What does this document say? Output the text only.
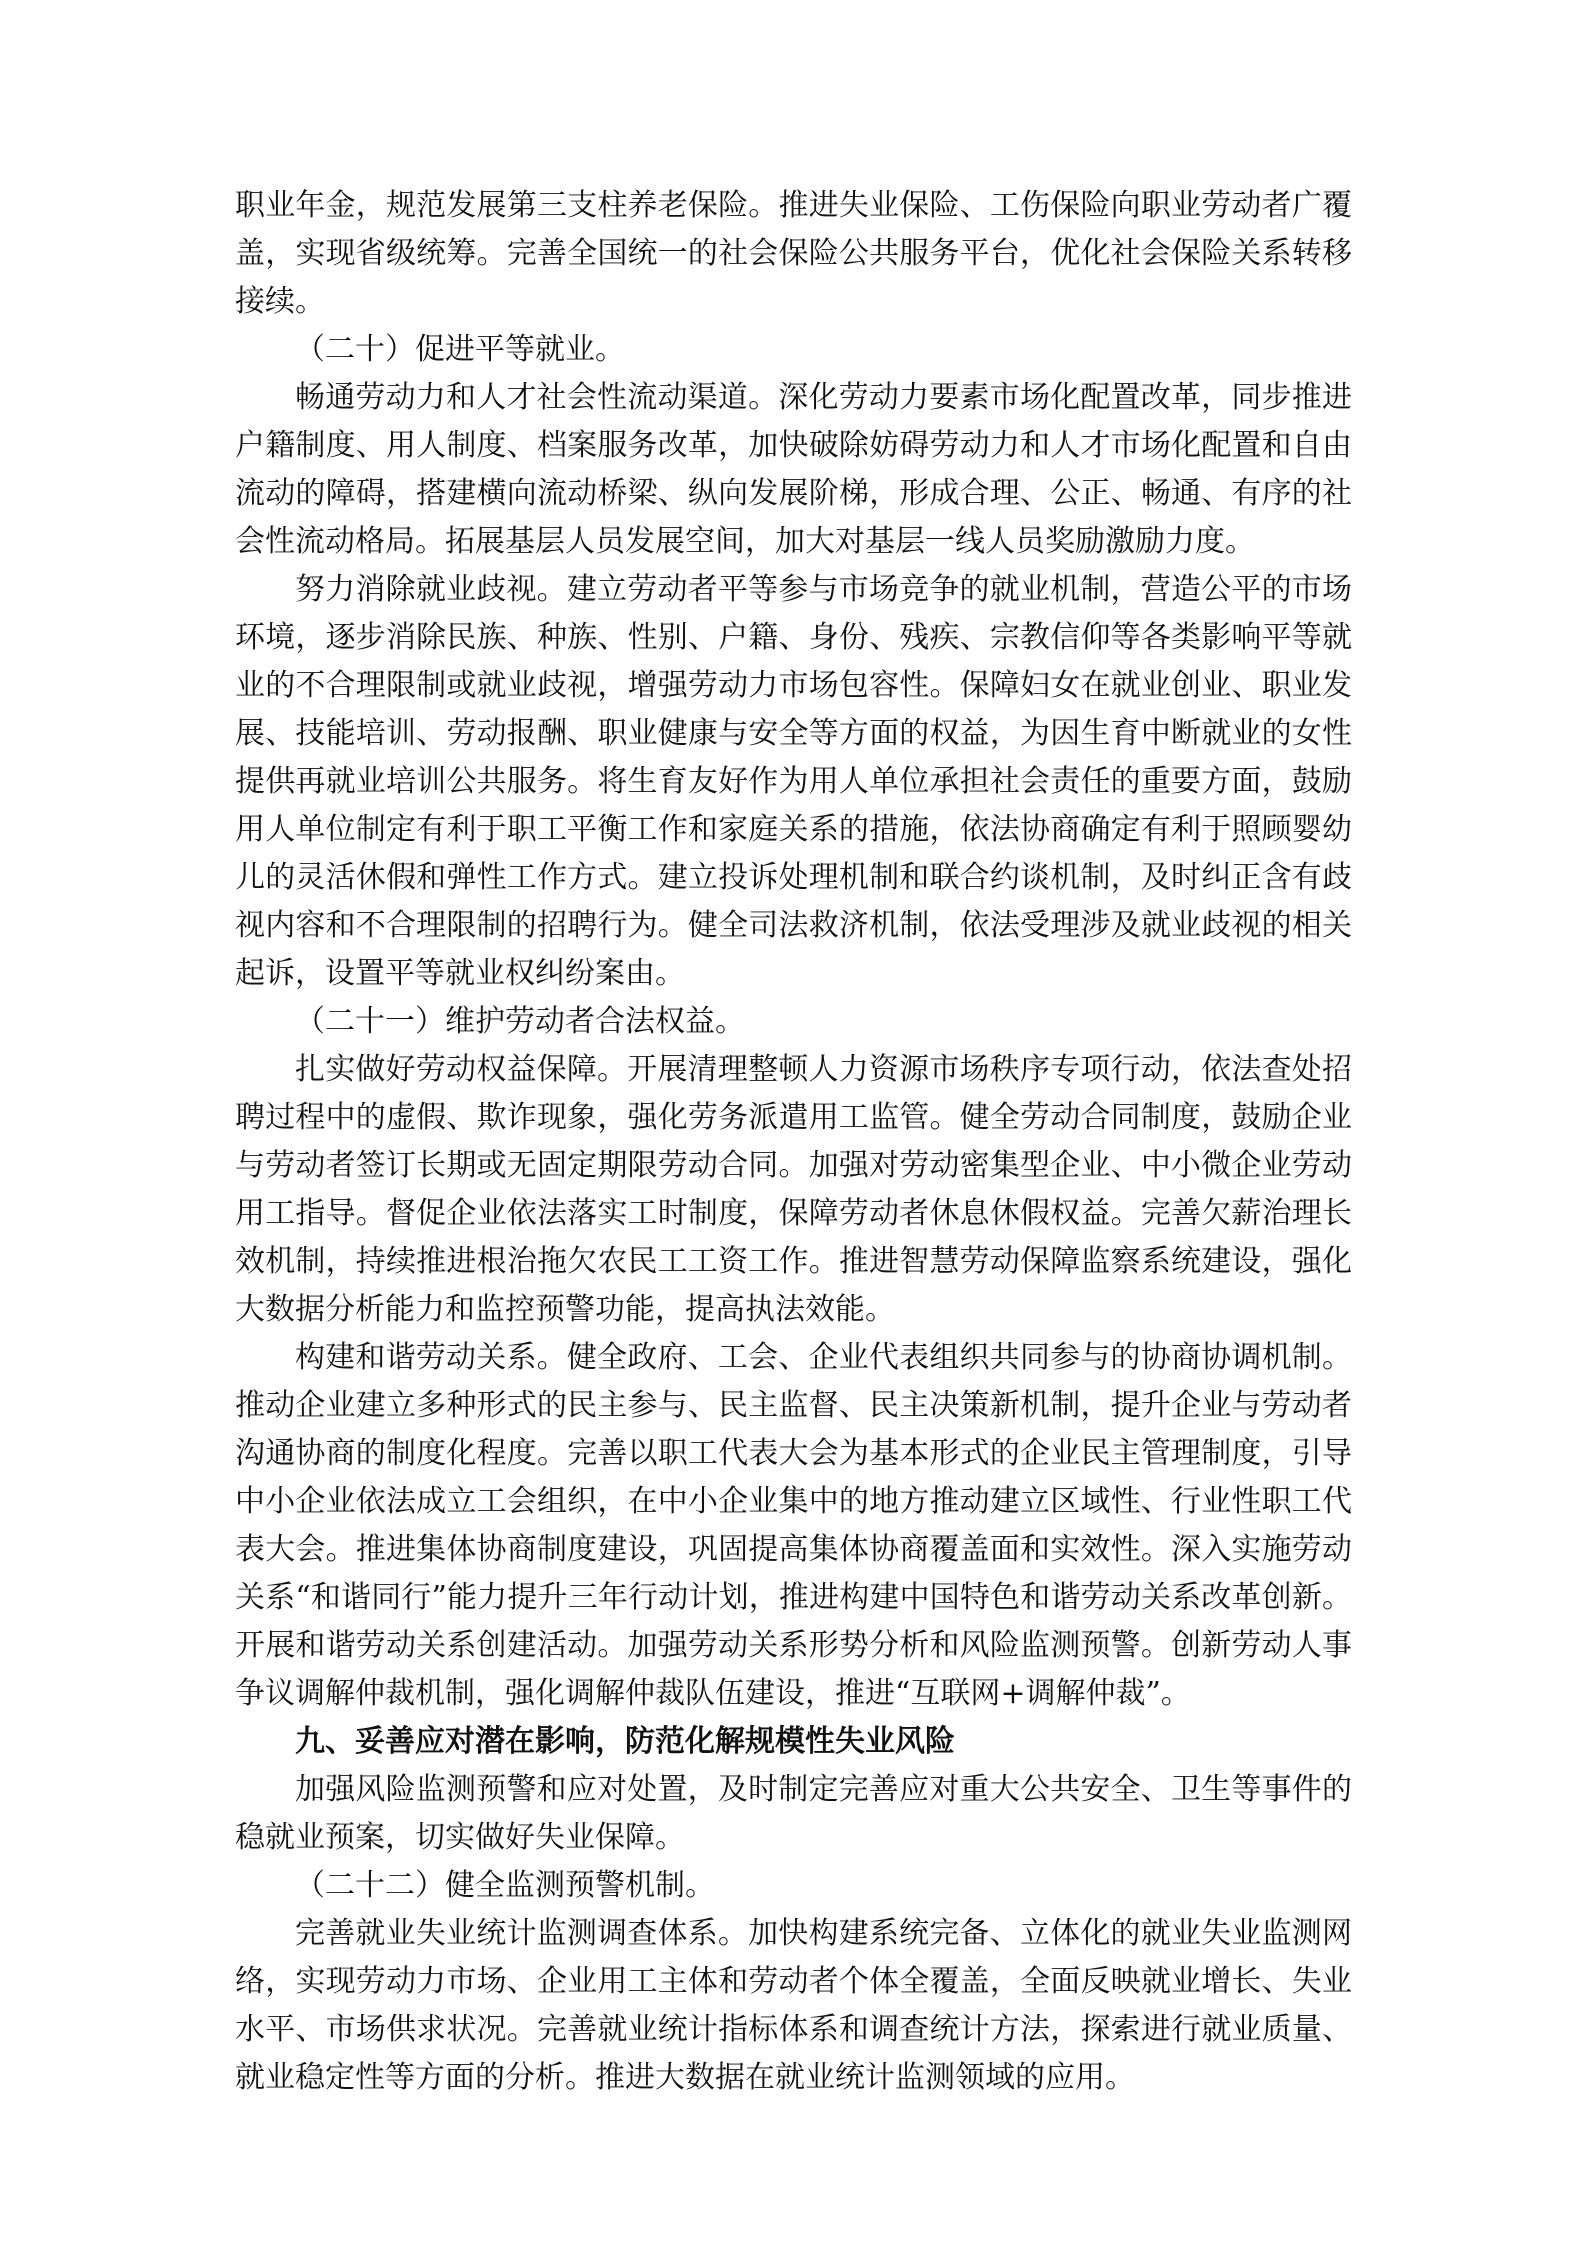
职业年金，规范发展第三支柱养老保险。推进失业保险、工伤保险向职业劳动者广覆盖，实现省级统筹。完善全国统一的社会保险公共服务平台，优化社会保险关系转移接续。

（二十）促进平等就业。

畅通劳动力和人才社会性流动渠道。深化劳动力要素市场化配置改革，同步推进户籍制度、用人制度、档案服务改革，加快破除妨碍劳动力和人才市场化配置和自由流动的障碍，搭建横向流动桥梁、纵向发展阶梯，形成合理、公正、畅通、有序的社会性流动格局。拓展基层人员发展空间，加大对基层一线人员奖励激励力度。

努力消除就业歧视。建立劳动者平等参与市场竞争的就业机制，营造公平的市场环境，逐步消除民族、种族、性别、户籍、身份、残疾、宗教信仰等各类影响平等就业的不合理限制或就业歧视，增强劳动力市场包容性。保障妇女在就业创业、职业发展、技能培训、劳动报酬、职业健康与安全等方面的权益，为因生育中断就业的女性提供再就业培训公共服务。将生育友好作为用人单位承担社会责任的重要方面，鼓励用人单位制定有利于职工平衡工作和家庭关系的措施，依法协商确定有利于照顾婴幼儿的灵活休假和弹性工作方式。建立投诉处理机制和联合约谈机制，及时纠正含有歧视内容和不合理限制的招聘行为。健全司法救济机制，依法受理涉及就业歧视的相关起诉，设置平等就业权纠纷案由。

（二十一）维护劳动者合法权益。

扎实做好劳动权益保障。开展清理整顿人力资源市场秩序专项行动，依法查处招聘过程中的虚假、欺诈现象，强化劳务派遣用工监管。健全劳动合同制度，鼓励企业与劳动者签订长期或无固定期限劳动合同。加强对劳动密集型企业、中小微企业劳动用工指导。督促企业依法落实工时制度，保障劳动者休息休假权益。完善欠薪治理长效机制，持续推进根治拖欠农民工工资工作。推进智慧劳动保障监察系统建设，强化大数据分析能力和监控预警功能，提高执法效能。

构建和谐劳动关系。健全政府、工会、企业代表组织共同参与的协商协调机制。推动企业建立多种形式的民主参与、民主监督、民主决策新机制，提升企业与劳动者沟通协商的制度化程度。完善以职工代表大会为基本形式的企业民主管理制度，引导中小企业依法成立工会组织，在中小企业集中的地方推动建立区域性、行业性职工代表大会。推进集体协商制度建设，巩固提高集体协商覆盖面和实效性。深入实施劳动关系“和谐同行”能力提升三年行动计划，推进构建中国特色和谐劳动关系改革创新。开展和谐劳动关系创建活动。加强劳动关系形势分析和风险监测预警。创新劳动人事争议调解仲裁机制，强化调解仲裁队伍建设，推进“互联网+调解仲裁”。

九、妥善应对潜在影响，防范化解规模性失业风险

加强风险监测预警和应对处置，及时制定完善应对重大公共安全、卫生等事件的稳就业预案，切实做好失业保障。

（二十二）健全监测预警机制。

完善就业失业统计监测调查体系。加快构建系统完备、立体化的就业失业监测网络，实现劳动力市场、企业用工主体和劳动者个体全覆盖，全面反映就业增长、失业水平、市场供求状况。完善就业统计指标体系和调查统计方法，探索进行就业质量、就业稳定性等方面的分析。推进大数据在就业统计监测领域的应用。
